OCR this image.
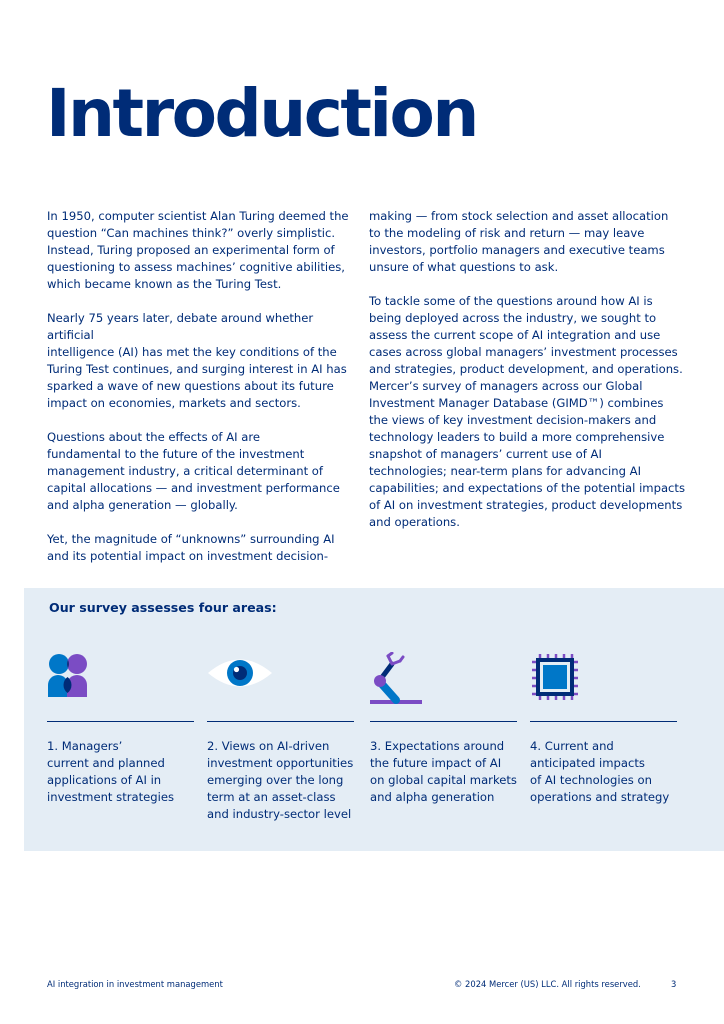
Introduction

In 1950, computer scientist Alan Turing deemed the
question “Can machines think?” overly simplistic.
Instead, Turing proposed an experimental form of
questioning to assess machines’ cognitive abilities,
which became known as the Turing Test.

Nearly 75 years later, debate around whether artificial
intelligence (AI) has met the key conditions of the
Turing Test continues, and surging interest in AI has
sparked a wave of new questions about its future
impact on economies, markets and sectors.

Questions about the effects of AI are
fundamental to the future of the investment
management industry, a critical determinant of
capital allocations — and investment performance
and alpha generation — globally.

Yet, the magnitude of “unknowns” surrounding AI
and its potential impact on investment decision-

making — from stock selection and asset allocation
to the modeling of risk and return — may leave
investors, portfolio managers and executive teams
unsure of what questions to ask.

To tackle some of the questions around how AI is
being deployed across the industry, we sought to
assess the current scope of AI integration and use
cases across global managers’ investment processes
and strategies, product development, and operations.
Mercer’s survey of managers across our Global
Investment Manager Database (GIMD™) combines
the views of key investment decision-makers and
technology leaders to build a more comprehensive
snapshot of managers’ current use of AI
technologies; near-term plans for advancing AI
capabilities; and expectations of the potential impacts
of AI on investment strategies, product developments
and operations.

Our survey assesses four areas:
1. Managers’
current and planned
applications of AI in
investment strategies
2. Views on AI-driven
investment opportunities
emerging over the long
term at an asset-class
and industry-sector level
3. Expectations around
the future impact of AI
on global capital markets
and alpha generation
4. Current and
anticipated impacts
of AI technologies on
operations and strategy
AI integration in investment management	© 2024 Mercer (US) LLC. All rights reserved.	3
